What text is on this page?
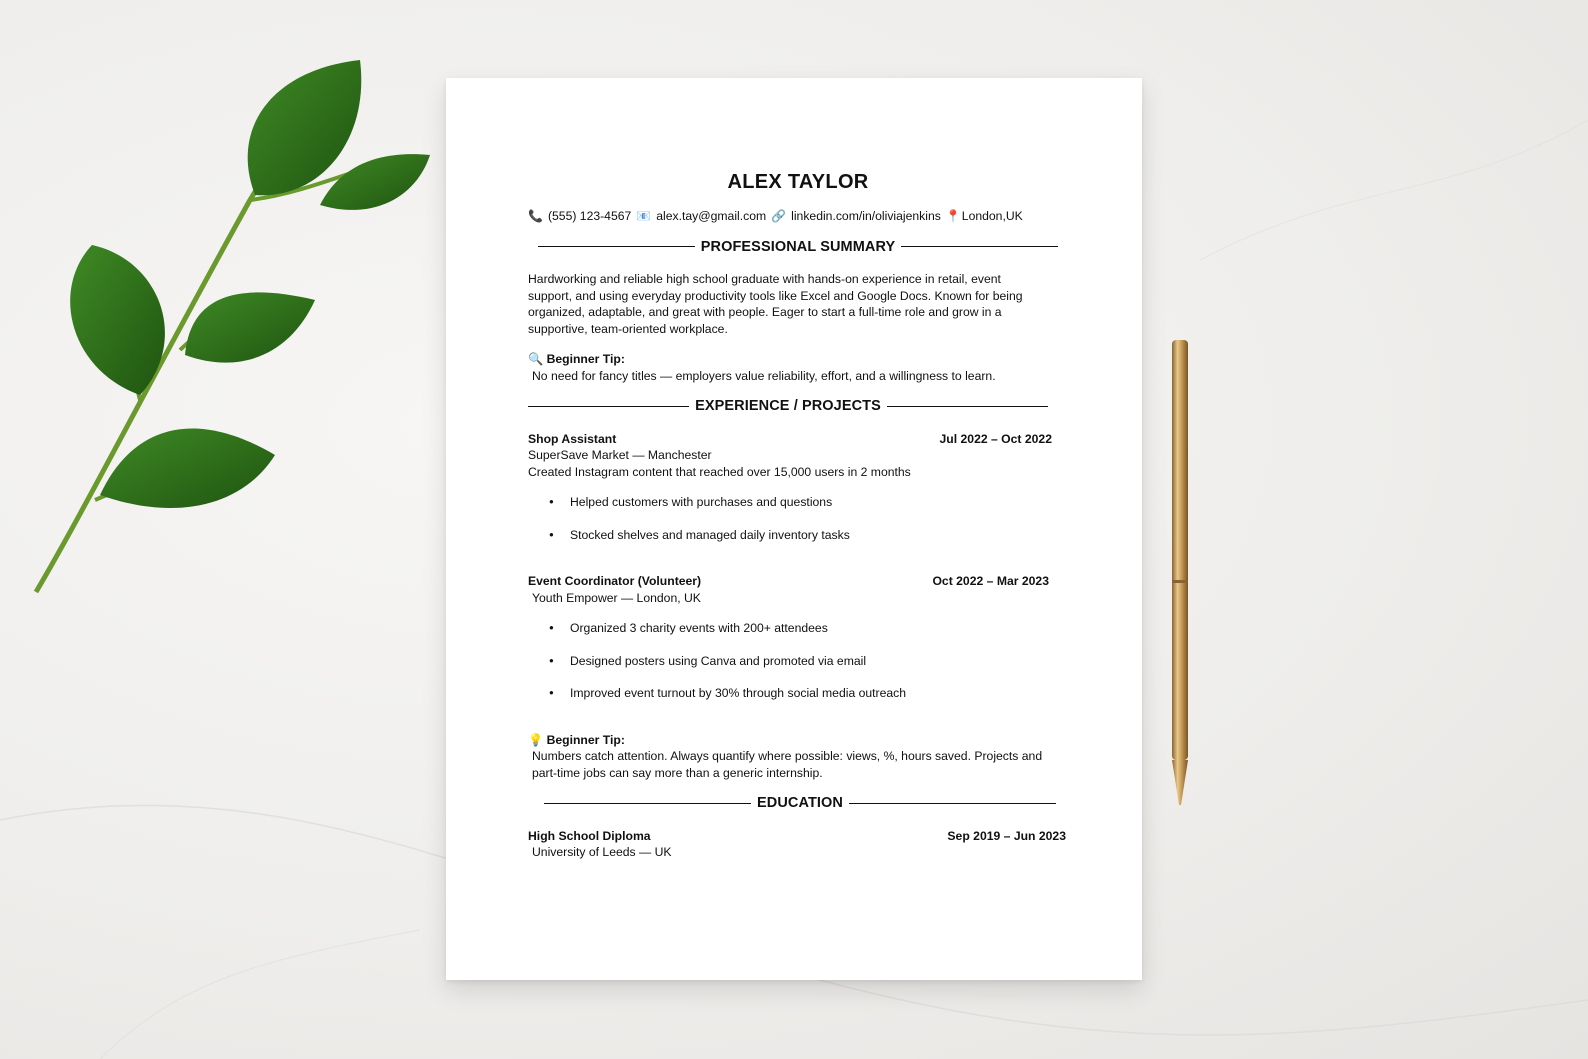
ALEX TAYLOR
📞 (555) 123-4567 📧 alex.tay@gmail.com 🔗 linkedin.com/in/oliviajenkins 📍 London,UK
PROFESSIONAL SUMMARY

Hardworking and reliable high school graduate with hands-on experience in retail, event support, and using everyday productivity tools like Excel and Google Docs. Known for being organized, adaptable, and great with people. Eager to start a full-time role and grow in a supportive, team-oriented workplace.

🔍 Beginner Tip:
No need for fancy titles — employers value reliability, effort, and a willingness to learn.
EXPERIENCE / PROJECTS
Shop Assistant	Jul 2022 – Oct 2022
SuperSave Market — Manchester
Created Instagram content that reached over 15,000 users in 2 months
● Helped customers with purchases and questions
● Stocked shelves and managed daily inventory tasks
Event Coordinator (Volunteer)	Oct 2022 – Mar 2023
Youth Empower — London, UK
● Organized 3 charity events with 200+ attendees
● Designed posters using Canva and promoted via email
● Improved event turnout by 30% through social media outreach
💡 Beginner Tip:
Numbers catch attention. Always quantify where possible: views, %, hours saved. Projects and part-time jobs can say more than a generic internship.
EDUCATION
High School Diploma	Sep 2019 – Jun 2023
University of Leeds — UK
